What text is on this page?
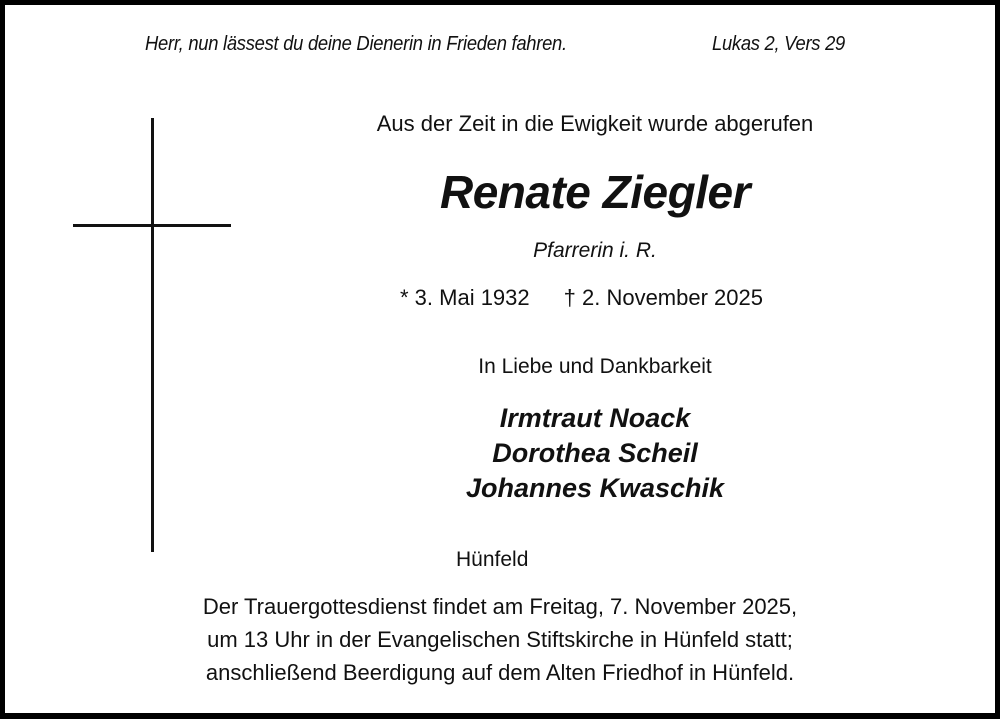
Herr, nun lässest du deine Dienerin in Frieden fahren.	Lukas 2, Vers 29
Aus der Zeit in die Ewigkeit wurde abgerufen
Renate Ziegler
Pfarrerin i. R.
* 3. Mai 1932 † 2. November 2025
In Liebe und Dankbarkeit
Irmtraut Noack
Dorothea Scheil
Johannes Kwaschik
Hünfeld
Der Trauergottesdienst findet am Freitag, 7. November 2025,
um 13 Uhr in der Evangelischen Stiftskirche in Hünfeld statt;
anschließend Beerdigung auf dem Alten Friedhof in Hünfeld.
